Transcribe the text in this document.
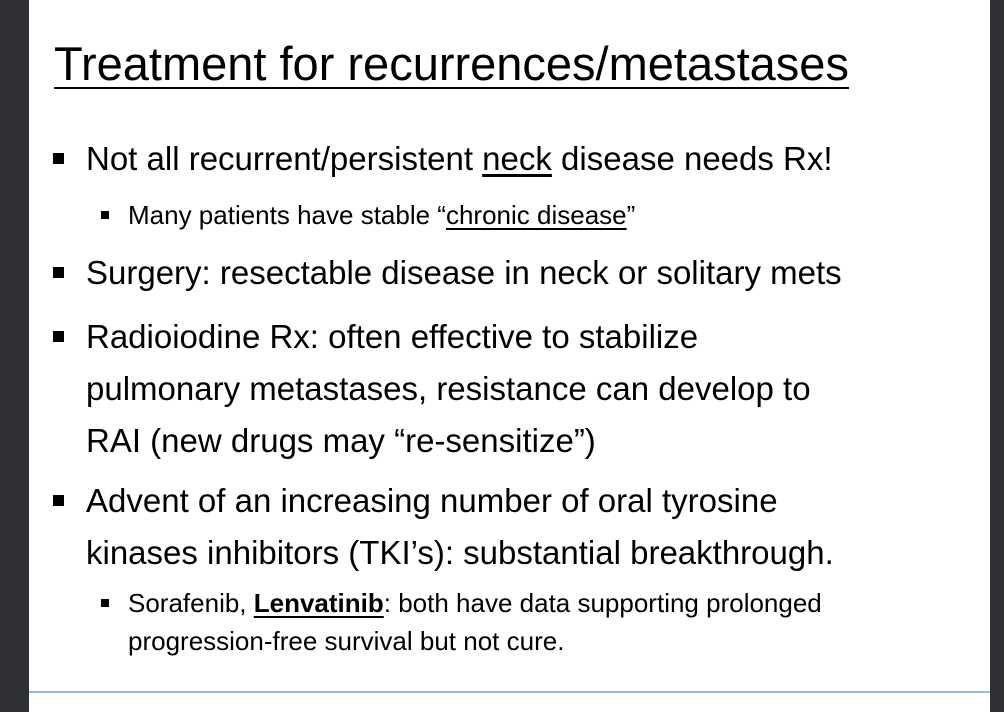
Treatment for recurrences/metastases
Not all recurrent/persistent neck disease needs Rx!
Many patients have stable “chronic disease”
Surgery: resectable disease in neck or solitary mets
Radioiodine Rx: often effective to stabilize
pulmonary metastases, resistance can develop to
RAI (new drugs may “re-sensitize”)
Advent of an increasing number of oral tyrosine
kinases inhibitors (TKI’s): substantial breakthrough.
Sorafenib, Lenvatinib: both have data supporting prolonged
progression-free survival but not cure.
